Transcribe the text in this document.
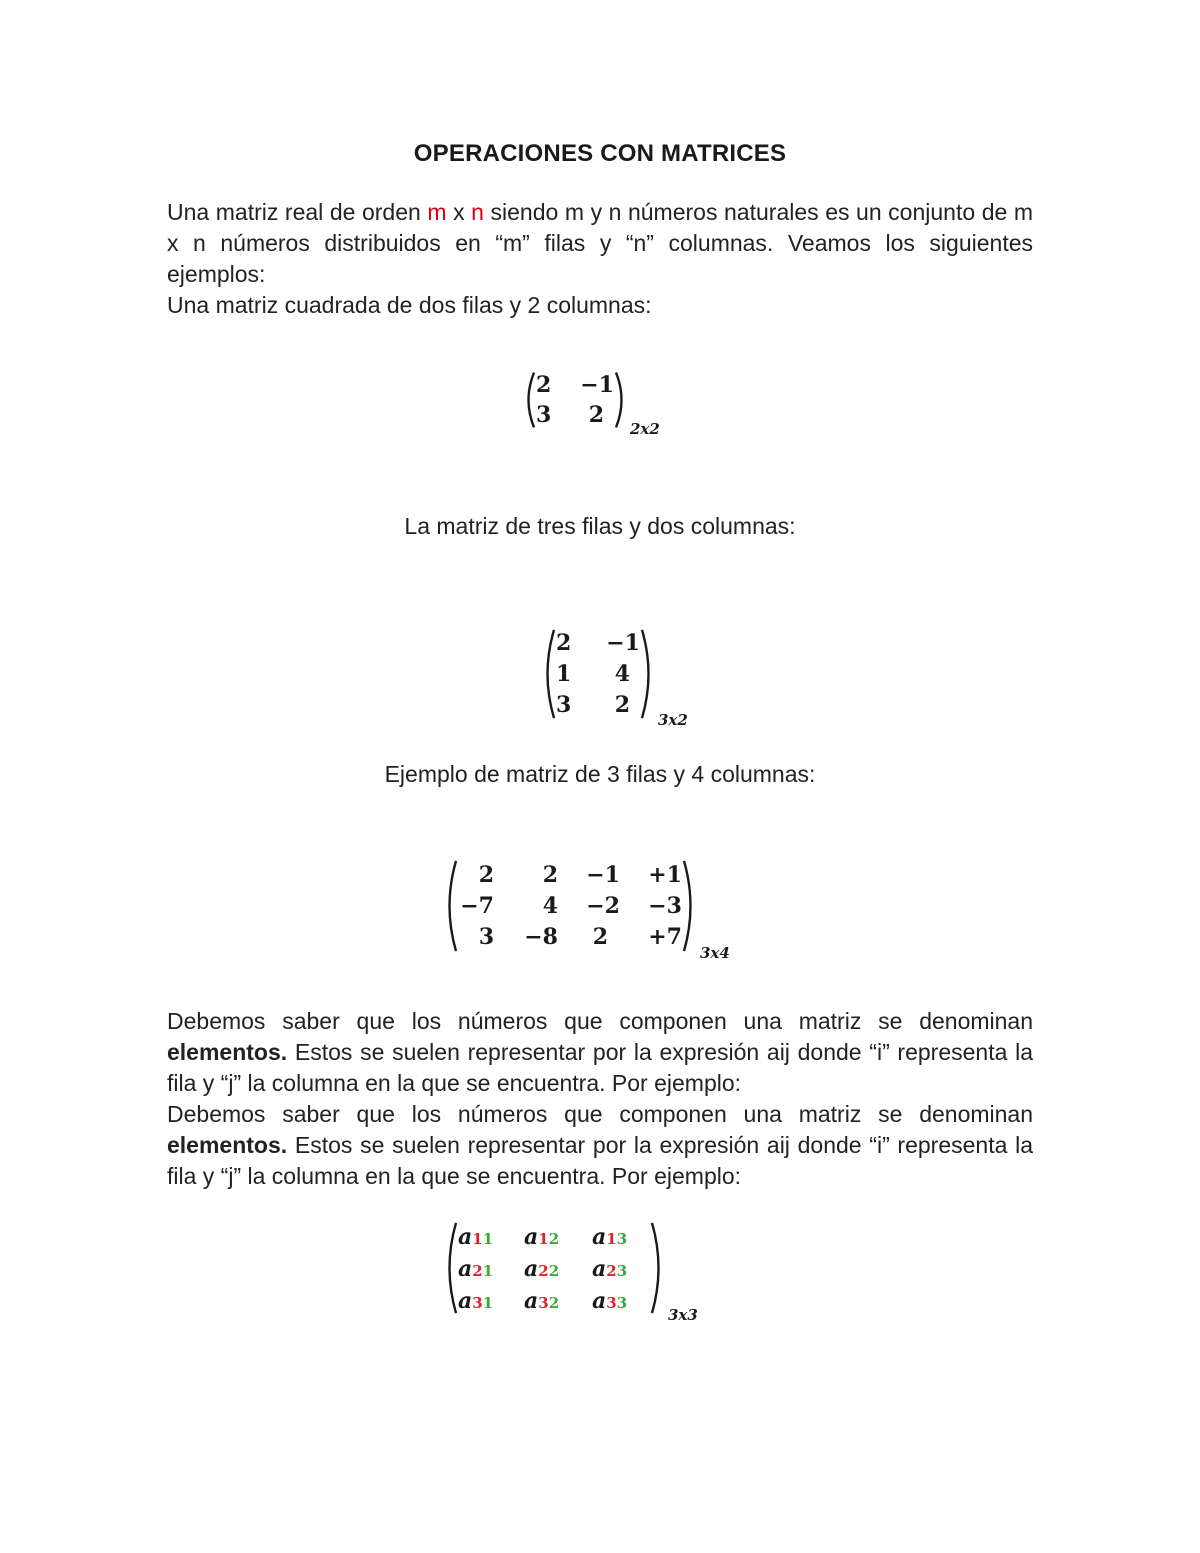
OPERACIONES CON MATRICES
Una matriz real de orden m x n siendo m y n números naturales es un conjunto de m x n números distribuidos en “m” filas y “n” columnas. Veamos los siguientes ejemplos:
Una matriz cuadrada de dos filas y 2 columnas:
2	−1
3	2
2x2
La matriz de tres filas y dos columnas:
2	−1
1	4
3	2
3x2
Ejemplo de matriz de 3 filas y 4 columnas:
2	2	−1	+1
−7	4	−2	−3
3	−8	2	+7
3x4
Debemos saber que los números que componen una matriz se denominan elementos. Estos se suelen representar por la expresión aij donde “i” representa la fila y “j” la columna en la que se encuentra. Por ejemplo:
Debemos saber que los números que componen una matriz se denominan elementos. Estos se suelen representar por la expresión aij donde “i” representa la fila y “j” la columna en la que se encuentra. Por ejemplo:
a11	a12	a13
a21	a22	a23
a31	a32	a33
3x3
